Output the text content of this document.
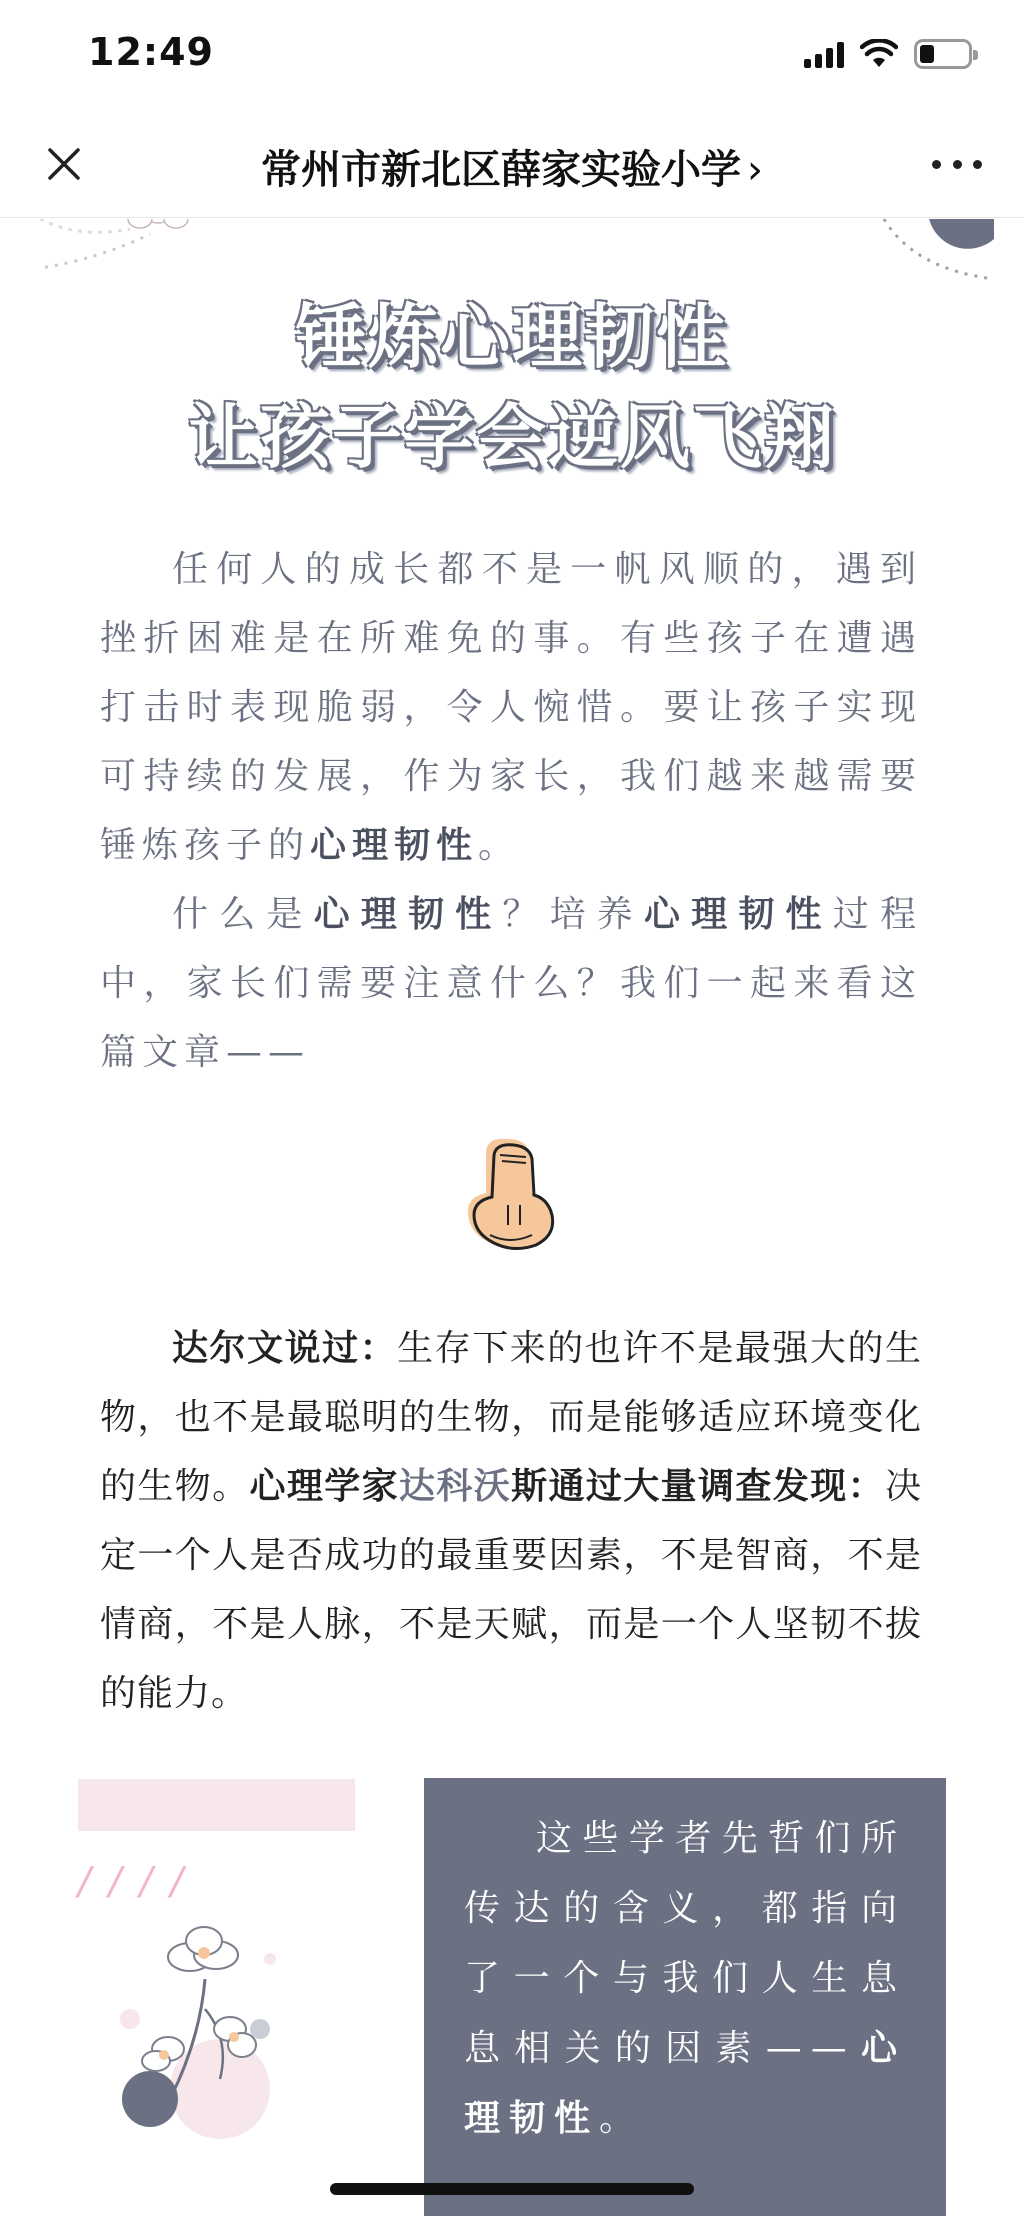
12:49
常州市新北区薛家实验小学 ›
锤炼心理韧性
让孩子学会逆风飞翔

任何人的成长都不是一帆风顺的，遇到挫折困难是在所难免的事。有些孩子在遭遇打击时表现脆弱，令人惋惜。要让孩子实现可持续的发展，作为家长，我们越来越需要锤炼孩子的心理韧性。

什么是心理韧性？培养心理韧性过程中，家长们需要注意什么？我们一起来看这篇文章——

达尔文说过：生存下来的也许不是最强大的生物，也不是最聪明的生物，而是能够适应环境变化的生物。心理学家达科沃斯通过大量调查发现：决定一个人是否成功的最重要因素，不是智商，不是情商，不是人脉，不是天赋，而是一个人坚韧不拔的能力。

////

这些学者先哲们所传达的含义，都指向了一个与我们人生息息相关的因素——心理韧性。
